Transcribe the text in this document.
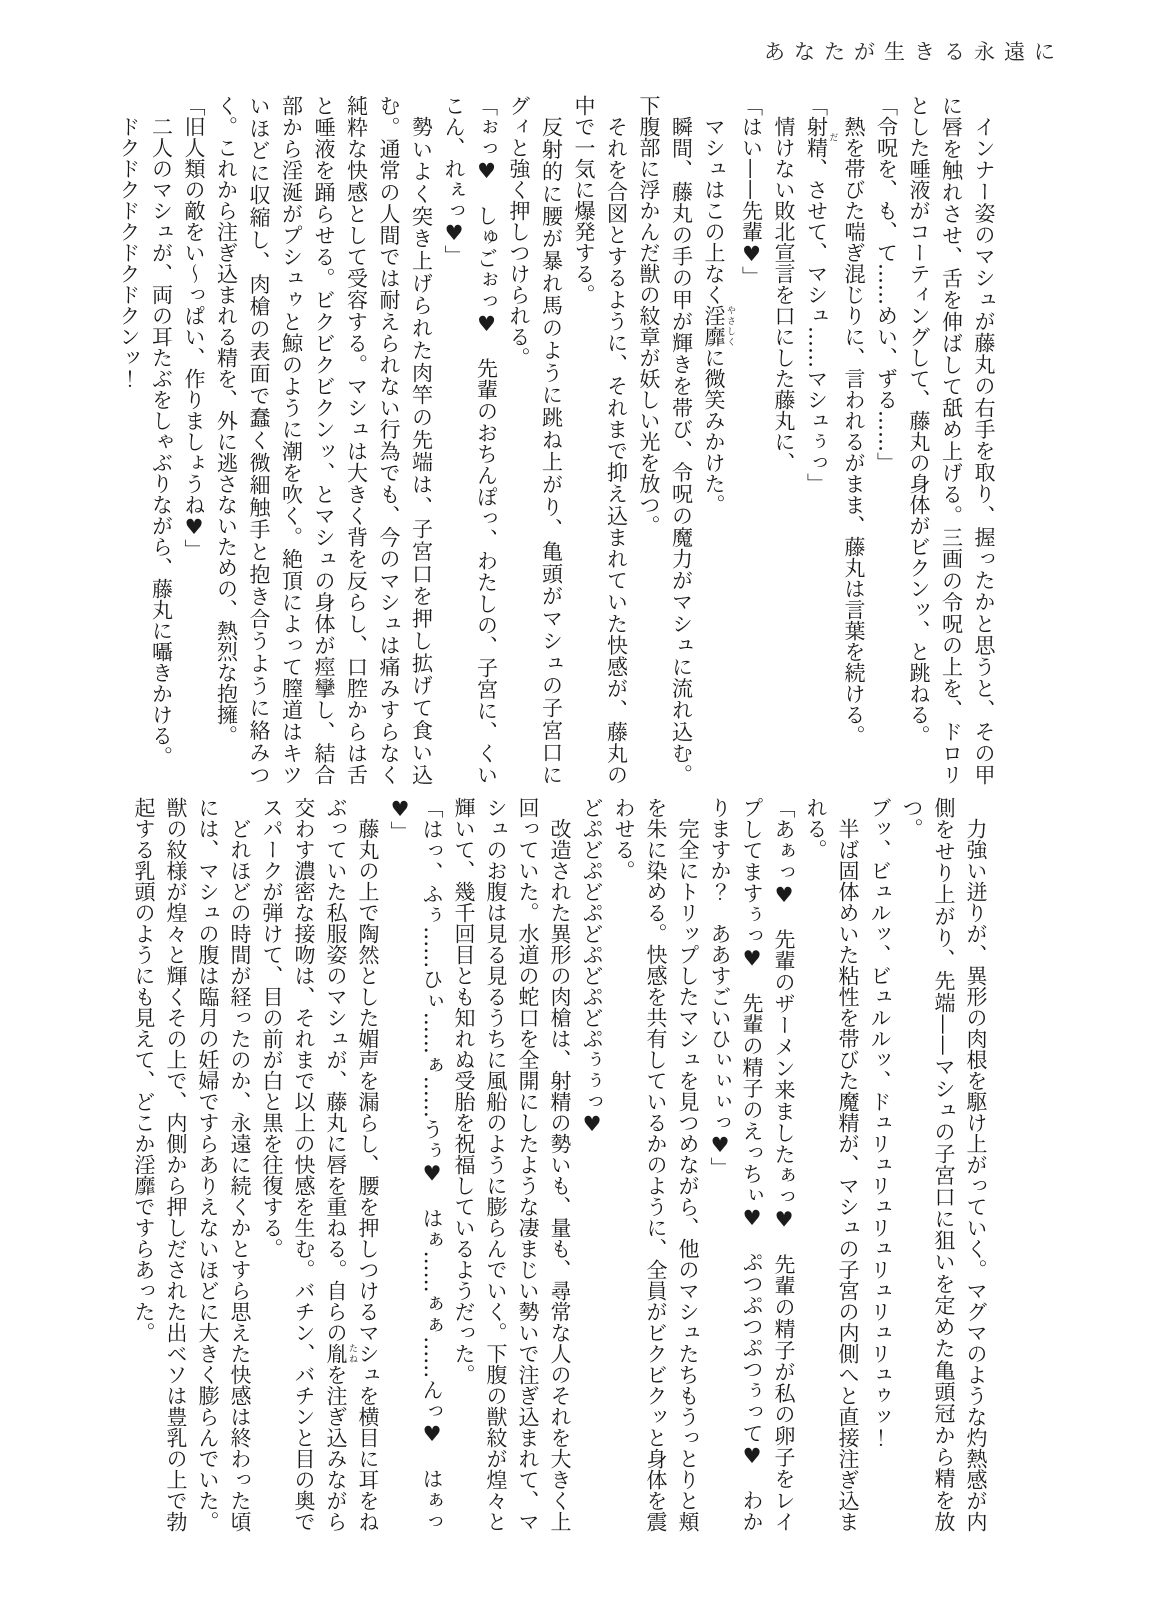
あなたが生きる永遠に

インナー姿のマシュが藤丸の右手を取り、握ったかと思うと、その甲に唇を触れさせ、舌を伸ばして舐め上げる。三画の令呪の上を、ドロリとした唾液がコーティングして、藤丸の身体がビクンッ、と跳ねる。

「令呪を、も、て……めい、ずる……」

熱を帯びた喘ぎ混じりに、言われるがまま、藤丸は言葉を続ける。

「射精 だ、させて、マシュ……マシュぅっ」

情けない敗北宣言を口にした藤丸に、

「はい——先輩♥」

マシュはこの上なく淫靡 やさしくに微笑みかけた。

瞬間、藤丸の手の甲が輝きを帯び、令呪の魔力がマシュに流れ込む。下腹部に浮かんだ獣の紋章が妖しい光を放つ。

それを合図とするように、それまで抑え込まれていた快感が、藤丸の中で一気に爆発する。

反射的に腰が暴れ馬のように跳ね上がり、亀頭がマシュの子宮口にグィと強く押しつけられる。

「ぉっ♥　しゅごぉっ♥　先輩のおちんぽっ、わたしの、子宮に、くいこん、れぇっ♥」

勢いよく突き上げられた肉竿の先端は、子宮口を押し拡げて食い込む。通常の人間では耐えられない行為でも、今のマシュは痛みすらなく純粋な快感として受容する。マシュは大きく背を反らし、口腔からは舌と唾液を踊らせる。ビクビクビクンッ、とマシュの身体が痙攣し、結合部から淫涎がプシュゥと鯨のように潮を吹く。絶頂によって膣道はキツいほどに収縮し、肉槍の表面で蠢く微細触手と抱き合うように絡みつく。これから注ぎ込まれる精を、外に逃さないための、熱烈な抱擁。

「旧人類の敵をい～っぱい、作りましょうね♥」

二人のマシュが、両の耳たぶをしゃぶりながら、藤丸に囁きかける。

ドクドクドクドクドクンッ！

力強い迸りが、異形の肉根を駆け上がっていく。マグマのような灼熱感が内側をせり上がり、先端——マシュの子宮口に狙いを定めた亀頭冠から精を放つ。

ブッ、ビュルッ、ビュルルッ、ドュリュリュリュリュリュリュゥッ！

半ば固体めいた粘性を帯びた魔精が、マシュの子宮の内側へと直接注ぎ込まれる。

「あぁっ♥　先輩のザーメン来ましたぁっ♥　先輩の精子が私の卵子をレイプしてますぅっ♥　先輩の精子のえっちぃ♥　ぷつぷつぷつぅって♥　わかりますか？　ああすごいひぃぃぃっ♥」

完全にトリップしたマシュを見つめながら、他のマシュたちもうっとりと頬を朱に染める。快感を共有しているかのように、全員がビクビクッと身体を震わせる。

どぷどぷどぷどぷどぷどぷぅぅっ♥

改造された異形の肉槍は、射精の勢いも、量も、尋常な人のそれを大きく上回っていた。水道の蛇口を全開にしたような凄まじい勢いで注ぎ込まれて、マシュのお腹は見る見るうちに風船のように膨らんでいく。下腹の獣紋が煌々と輝いて、幾千回目とも知れぬ受胎を祝福しているようだった。

「はっ、ふぅ……ひぃ……ぁ……うぅ♥　はぁ……ぁぁ……んっ♥　はぁっ♥」

藤丸の上で陶然とした媚声を漏らし、腰を押しつけるマシュを横目に耳をねぶっていた私服姿のマシュが、藤丸に唇を重ねる。自らの胤 たねを注ぎ込みながら交わす濃密な接吻は、それまで以上の快感を生む。バチン、バチンと目の奥でスパークが弾けて、目の前が白と黒を往復する。

どれほどの時間が経ったのか、永遠に続くかとすら思えた快感は終わった頃には、マシュの腹は臨月の妊婦ですらありえないほどに大きく膨らんでいた。獣の紋様が煌々と輝くその上で、内側から押しだされた出ベソは豊乳の上で勃起する乳頭のようにも見えて、どこか淫靡ですらあった。
